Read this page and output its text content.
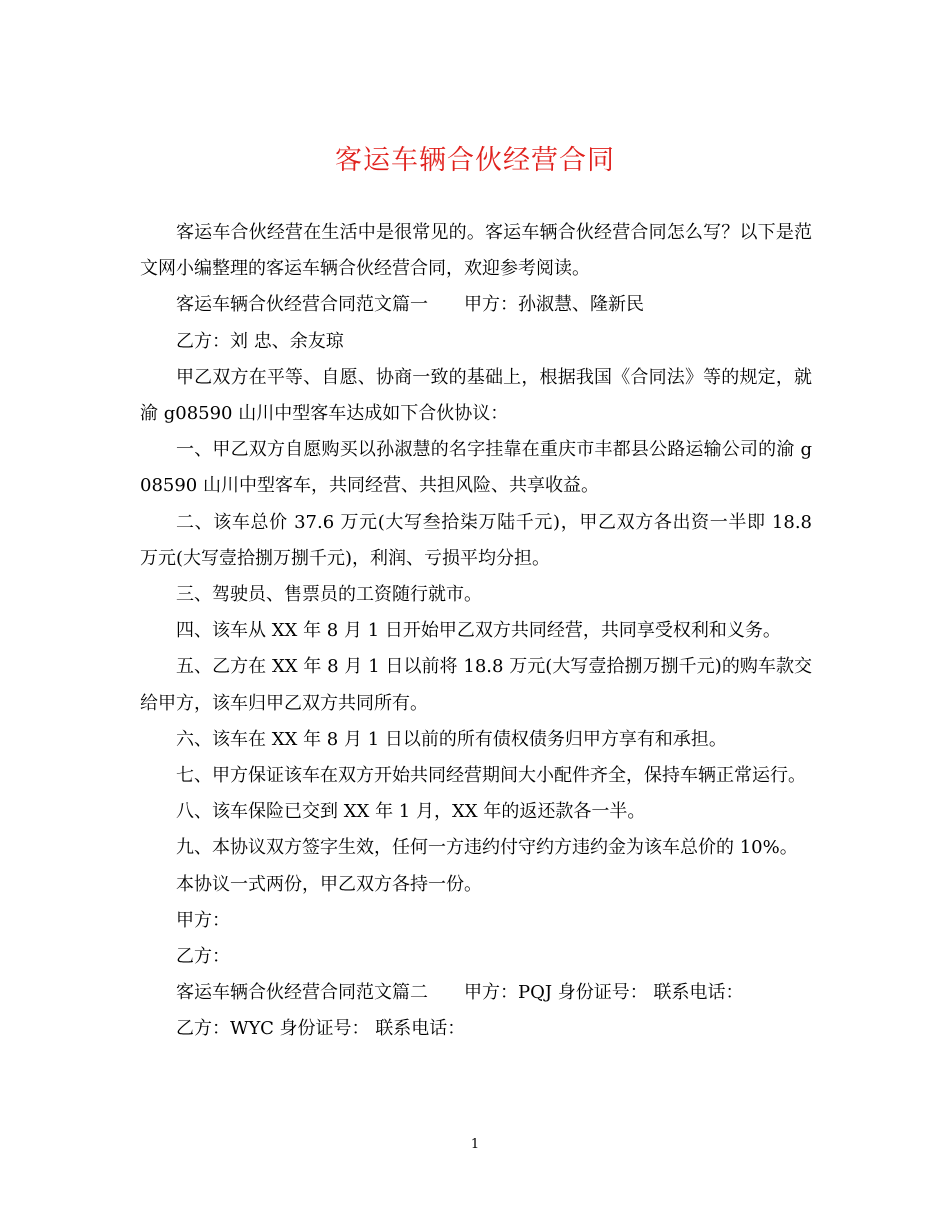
客运车辆合伙经营合同

客运车合伙经营在生活中是很常见的。客运车辆合伙经营合同怎么写？以下是范文网小编整理的客运车辆合伙经营合同，欢迎参考阅读。

客运车辆合伙经营合同范文篇一　　甲方：孙淑慧、隆新民

乙方：刘 忠、余友琼

甲乙双方在平等、自愿、协商一致的基础上，根据我国《合同法》等的规定，就渝 g08590 山川中型客车达成如下合伙协议：

一、甲乙双方自愿购买以孙淑慧的名字挂靠在重庆市丰都县公路运输公司的渝 g08590 山川中型客车，共同经营、共担风险、共享收益。

二、该车总价 37.6 万元(大写叁拾柒万陆千元)，甲乙双方各出资一半即 18.8 万元(大写壹拾捌万捌千元)，利润、亏损平均分担。

三、驾驶员、售票员的工资随行就市。

四、该车从 XX 年 8 月 1 日开始甲乙双方共同经营，共同享受权利和义务。

五、乙方在 XX 年 8 月 1 日以前将 18.8 万元(大写壹拾捌万捌千元)的购车款交给甲方，该车归甲乙双方共同所有。

六、该车在 XX 年 8 月 1 日以前的所有债权债务归甲方享有和承担。

七、甲方保证该车在双方开始共同经营期间大小配件齐全，保持车辆正常运行。

八、该车保险已交到 XX 年 1 月，XX 年的返还款各一半。

九、本协议双方签字生效，任何一方违约付守约方违约金为该车总价的 10%。

本协议一式两份，甲乙双方各持一份。

甲方：

乙方：

客运车辆合伙经营合同范文篇二　　甲方：PQJ 身份证号： 联系电话：

乙方：WYC 身份证号： 联系电话：

1
